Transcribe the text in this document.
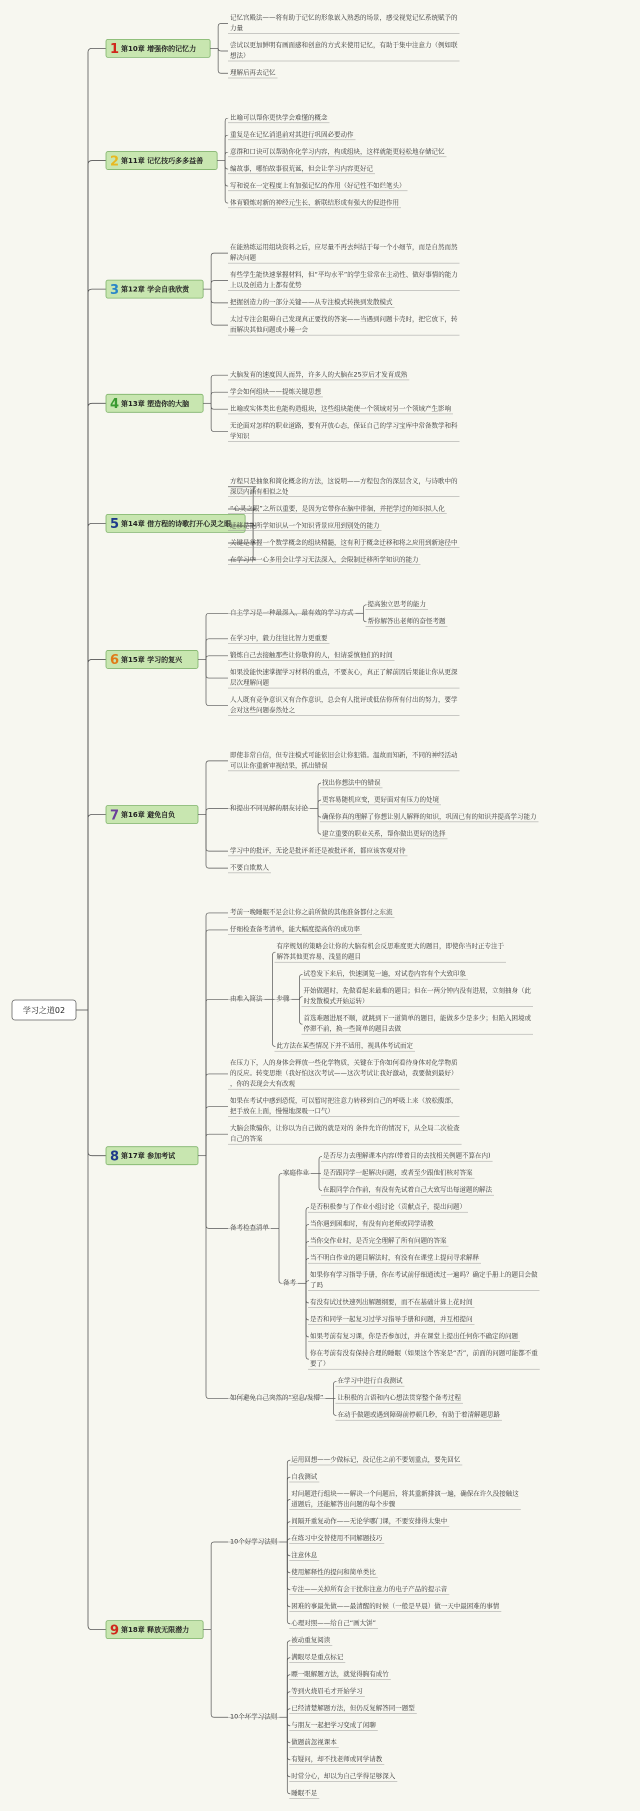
学习之道02
1 第10章 增强你的记忆力
记忆宫殿法——将有助于记忆的形象嵌入熟悉的场景，感受视觉记忆系统赋予的力量
尝试以更加鲜明有画面感和创意的方式来使用记忆，有助于集中注意力（例如联想法）
理解后再去记忆
2 第11章 记忆技巧多多益善
比喻可以帮你更快学会难懂的概念
重复是在记忆消退前对其进行巩固必要动作
意群和口诀可以帮助你化学习内容，构成组块，这样就能更轻松地存储记忆
编故事，哪怕故事很荒诞，但会让学习内容更好记
写和说在一定程度上有加强记忆的作用（好记性不如烂笔头）
体育锻炼对新的神经元生长、新联结形成有强大的促进作用
3 第12章 学会自我欣赏
在能熟练运用组块资料之后，应尽量不再去纠结于每一个小细节，而是自然而然解决问题
有些学生能快速掌握材料，但“平均水平”的学生常常在主动性、做好事情的能力上以及创造力上都有优势
把握创造力的一部分关键——从专注模式转换到发散模式
太过专注会阻碍自己发现真正要找的答案——当遇到问题卡壳时，把它放下，转而解决其他问题或小睡一会
4 第13章 塑造你的大脑
大脑发育的速度因人而异，许多人的大脑在25岁后才发育成熟
学会如何组块——提炼关键思想
比喻或实体类比也能构造组块，这些组块能使一个领域对另一个领域产生影响
无论面对怎样的职业道路，要有开放心态，保证自己的学习宝库中常备数学和科学知识
5 第14章 借方程的诗歌打开心灵之眼
方程只是抽象和简化概念的方法，这说明——方程包含的深层含义，与诗歌中的深层内涵有相似之处
“心灵之眼”之所以重要，是因为它带你在脑中徘徊，并把学过的知识拟人化
迁移是把所学知识从一个知识背景应用到别处的能力
关键是掌握一个数学概念的组块精髓，这有利于概念迁移和将之应用到新途径中
在学习中一心多用会让学习无法深入，会限制迁移所学知识的能力
6 第15章 学习的复兴
自主学习是一种最深入、最有效的学习方式
提高独立思考的能力
帮你解答出老师的奋怪考题
在学习中，毅力往往比智力更重要
锻炼自己去接触那些让你敬仰的人，但请妥慎他们的时间
如果没能快速掌握学习材料的重点，不要灰心，真正了解前因后果能让你从更深层次理解问题
人人既有竞争意识又有合作意识，总会有人批评或低估你所有付出的努力，要学会对这些问题泰然处之
7 第16章 避免自负
即使非常自信，但专注模式可能依旧会让你犯错。温故而知新，不同的神经活动可以让你重新审视结果，抓出错误
和提出不同见解的朋友讨论
找出你想法中的错误
更容易随机应变，更好面对有压力的处境
确保你真的理解了你想让别人解释的知识，巩固已有的知识并提高学习能力
建立重要的职业关系，帮你做出更好的选择
学习中的批评，无论是批评者还是被批评者，都应该客观对待
不要自欺欺人
8 第17章 参加考试
考前一晚睡眠不足会让你之前所做的其他准备都付之东流
仔细检查备考清单，能大幅度提高你的成功率
由难入简法
有序规划的策略会让你的大脑有机会反思难度更大的题目，即使你当时正专注于解答其他更容易、浅显的题目
步骤
试卷发下来后，快速浏览一遍，对试卷内容有个大致印象
开始做题时，先做看起来最难的题目；但在一两分钟内没有进展，立刻抽身（此时发散模式开始运转）
首选难题进展不顺，就跳到下一道简单的题目，能做多少是多少；但陷入困境或停滞不前，换一些简单的题目去做
此方法在某些情况下并不适用，视具体考试而定
在压力下，人的身体会释放一些化学物质，关键在于你如何看待身体对化学物质的反应。转变思维（我好怕这次考试——这次考试让我好激动，我要做到最好），你的表现会大有改观
如果在考试中感到恐慌，可以暂时把注意力转移到自己的呼吸上来（放松腹部，把手放在上面，慢慢地深吸一口气）
大脑会欺骗你，让你以为自己做的就是对的 条件允许的情况下，从全局二次检查自己的答案
备考检查清单
家庭作业
是否尽力去理解课本内容(带着目的去找相关例题不算在内)
是否跟同学一起解决问题，或者至少跟他们核对答案
在跟同学合作前，有没有先试着自己大致写出每道题的解法
备考
是否积极参与了作业小组讨论（贡献点子，提出问题）
当你遇到困难时，有没有向老师或同学请教
当你交作业时，是否完全理解了所有问题的答案
当不明白作业的题目解法时，有没有在课堂上提问寻求解释
如果你有学习指导手册，你在考试前仔细通读过一遍吗？确定手册上的题目会做了吗
有没有试过快速列出解题纲要，而不在基础计算上花时间
是否和同学一起复习过学习指导手册和问题，并互相提问
如果考前有复习课，你是否参加过，并在课堂上提出任何你不确定的问题
你在考前有没有保持合理的睡眠（如果这个答案是“否”，前面的问题可能都不重要了）
如何避免自己突然的“窒息/发懵”
在学习中进行自我测试
让积极的言语和内心想法贯穿整个备考过程
在动手做题或遇到障碍前停顿几秒，有助于着清解题思路
9 第18章 释放无限潜力
10个好学习法则
运用回想——少做标记，没记住之前不要划重点，要先回忆
自我测试
对问题进行组块——解决一个问题后，将其重新排演一遍，确保在许久没接触这道题后，还能解答出问题的每个步骤
间隔开重复动作——无论学哪门课，不要安排得太集中
在练习中交替使用不同解题技巧
注意休息
使用解释性的提问和简单类比
专注——关掉所有会干扰你注意力的电子产品的提示音
困难的事最先做——最清醒的时候（一般是早晨）做一天中最困难的事情
心理对照——给自己“画大饼”
10个坏学习法则
被动重复阅读
满眼尽是重点标记
瞟一眼解题方法，就觉得胸有成竹
等到火烧眉毛才开始学习
已经清楚解题方法，但仍反复解答同一题型
与朋友一起把学习变成了闲聊
做题前忽视课本
有疑问，却不找老师或同学请教
时常分心，却以为自己学得足够深入
睡眠不足
